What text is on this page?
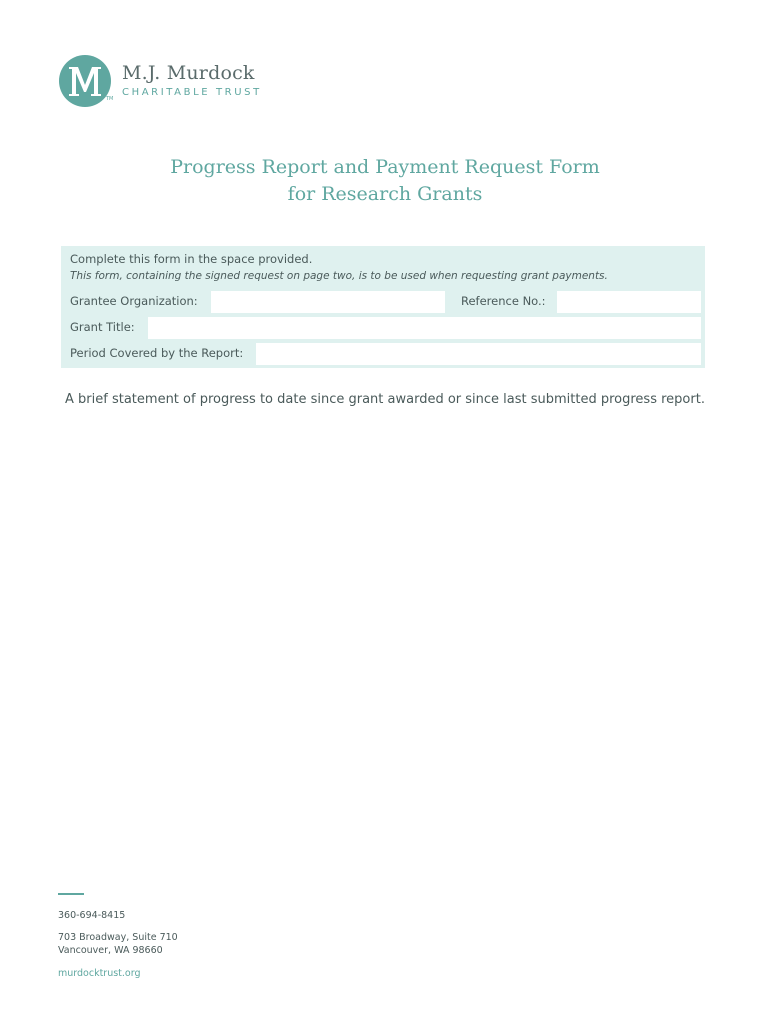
TM
M.J. Murdock
CHARITABLE TRUST
Progress Report and Payment Request Form
for Research Grants
Complete this form in the space provided.
This form, containing the signed request on page two, is to be used when requesting grant payments.
Grantee Organization:	Reference No.:
Grant Title:
Period Covered by the Report:
A brief statement of progress to date since grant awarded or since last submitted progress report.
360-694-8415
703 Broadway, Suite 710
Vancouver, WA 98660
murdocktrust.org
